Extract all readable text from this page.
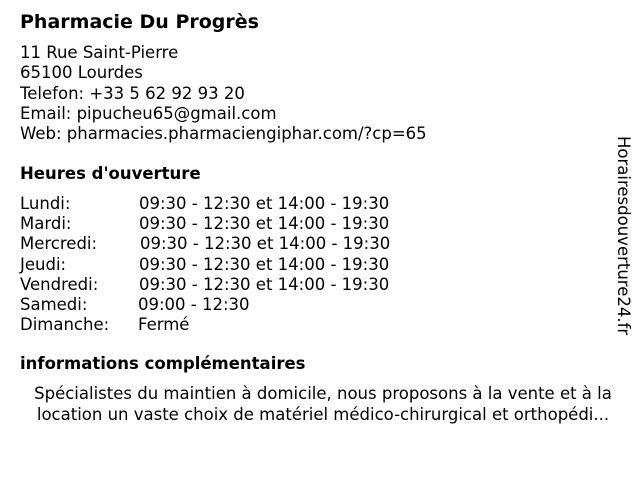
Pharmacie Du Progrès
11 Rue Saint-Pierre
65100 Lourdes
Telefon: +33 5 62 92 93 20
Email: pipucheu65@gmail.com
Web: pharmacies.pharmaciengiphar.com/?cp=65
Heures d'ouverture
Lundi:	09:30 - 12:30 et 14:00 - 19:30
Mardi:	09:30 - 12:30 et 14:00 - 19:30
Mercredi:	09:30 - 12:30 et 14:00 - 19:30
Jeudi:	09:30 - 12:30 et 14:00 - 19:30
Vendredi: 09:30 - 12:30 et 14:00 - 19:30
Samedi:	09:00 - 12:30
Dimanche: Fermé
informations complémentaires
Spécialistes du maintien à domicile, nous proposons à la vente et à la
location un vaste choix de matériel médico-chirurgical et orthopédi...
Horairesdouverture24.fr
